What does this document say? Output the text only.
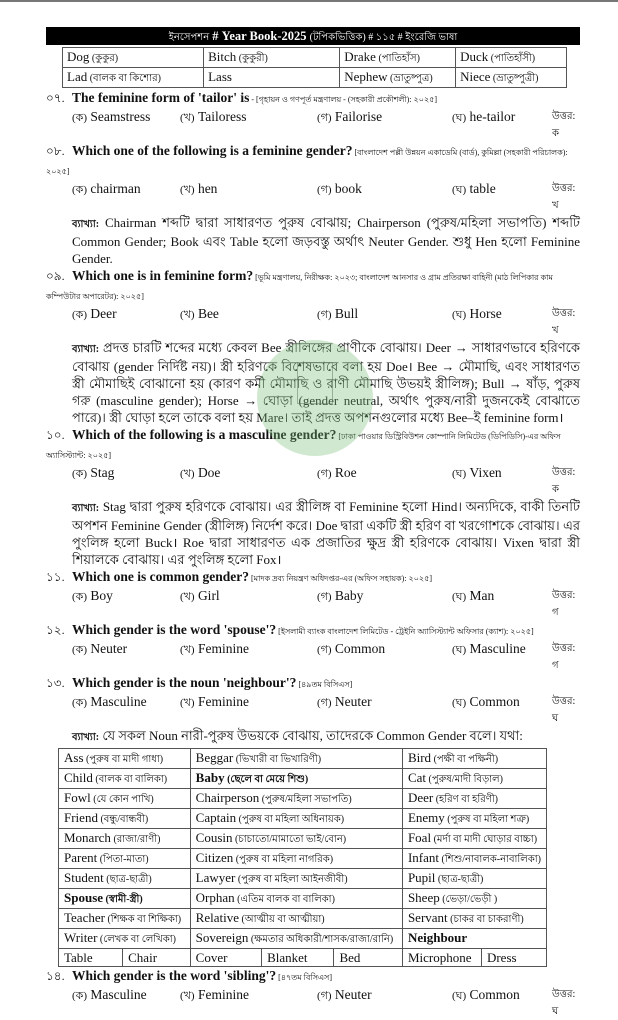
ইনসেপশন # Year Book-2025 (টপিকভিত্তিক) # ১১৫ # ইংরেজি ভাষা
Dog (কুকুর)	Bitch (কুকুরী)	Drake (পাতিহাঁস)	Duck (পাতিহাঁসী)
Lad (বালক বা কিশোর)	Lass	Nephew (ভ্রাতুষ্পুত্র)	Niece (ভ্রাতুষ্পুত্রী)
০৭. The feminine form of 'tailor' is - [গৃহায়ন ও গণপূর্ত মন্ত্রণালয় - (সহকারী প্রকৌশলী): ২০২৫]
(ক) Seamstress	(খ) Tailoress	(গ) Failorise	(ঘ) he-tailor	উত্তর: ক
০৮. Which one of the following is a feminine gender? [বাংলাদেশ পল্লী উন্নয়ন একাডেমি (বার্ড), কুমিল্লা (সহকারী পরিচালক): ২০২৫]
(ক) chairman	(খ) hen	(গ) book	(ঘ) table	উত্তর: খ
ব্যাখ্যা: Chairman শব্দটি দ্বারা সাধারণত পুরুষ বোঝায়; Chairperson (পুরুষ/মহিলা সভাপতি) শব্দটি Common Gender; Book এবং Table হলো জড়বস্তু অর্থাৎ Neuter Gender. শুধু Hen হলো Feminine Gender.
০৯. Which one is in feminine form? [ভূমি মন্ত্রণালয়, নিরীক্ষক: ২০২৩; বাংলাদেশ আনসার ও গ্রাম প্রতিরক্ষা বাহিনী (মাঠ লিপিকার কাম কম্পিউটার অপারেটর): ২০২৫]
(ক) Deer	(খ) Bee	(গ) Bull	(ঘ) Horse	উত্তর: খ
ব্যাখ্যা: প্রদত্ত চারটি শব্দের মধ্যে কেবল Bee স্ত্রীলিঙ্গের প্রাণীকে বোঝায়। Deer → সাধারণভাবে হরিণকে বোঝায় (gender নির্দিষ্ট নয়)। স্ত্রী হরিণকে বিশেষভাবে বলা হয় Doe। Bee → মৌমাছি, এবং সাধারণত স্ত্রী মৌমাছিই বোঝানো হয় (কারণ কর্মী মৌমাছি ও রাণী মৌমাছি উভয়ই স্ত্রীলিঙ্গ); Bull → ষাঁড়, পুরুষ গরু (masculine gender); Horse → ঘোড়া (gender neutral, অর্থাৎ পুরুষ/নারী দুজনকেই বোঝাতে পারে)। স্ত্রী ঘোড়া হলে তাকে বলা হয় Mare। তাই প্রদত্ত অপশনগুলোর মধ্যে Bee–ই feminine form।
১০. Which of the following is a masculine gender? [ঢাকা পাওয়ার ডিস্ট্রিবিউশন কোম্পানি লিমিটেড (ডিপিডিসি)-এর অফিস অ্যাসিস্ট্যান্ট: ২০২৫]
(ক) Stag	(খ) Doe	(গ) Roe	(ঘ) Vixen	উত্তর: ক
ব্যাখ্যা: Stag দ্বারা পুরুষ হরিণকে বোঝায়। এর স্ত্রীলিঙ্গ বা Feminine হলো Hind। অন্যদিকে, বাকী তিনটি অপশন Feminine Gender (স্ত্রীলিঙ্গ) নির্দেশ করে। Doe দ্বারা একটি স্ত্রী হরিণ বা খরগোশকে বোঝায়। এর পুংলিঙ্গ হলো Buck। Roe দ্বারা সাধারণত এক প্রজাতির ক্ষুদ্র স্ত্রী হরিণকে বোঝায়। Vixen দ্বারা স্ত্রী শিয়ালকে বোঝায়। এর পুংলিঙ্গ হলো Fox।
১১. Which one is common gender? [মাদক দ্রব্য নিয়ন্ত্রণ অধিদপ্তর-এর (অফিস সহায়ক): ২০২৫]
(ক) Boy	(খ) Girl	(গ) Baby	(ঘ) Man	উত্তর: গ
১২. Which gender is the word 'spouse'? [ইসলামী ব্যাংক বাংলাদেশ লিমিটেড - ট্রেইনি অ্যাসিস্ট্যান্ট অফিসার (ক্যাশ): ২০২৫]
(ক) Neuter	(খ) Feminine	(গ) Common	(ঘ) Masculine	উত্তর: গ
১৩. Which gender is the noun 'neighbour'? [৪৯তম বিসিএস]
(ক) Masculine	(খ) Feminine	(গ) Neuter	(ঘ) Common	উত্তর: ঘ
ব্যাখ্যা: যে সকল Noun নারী-পুরুষ উভয়কে বোঝায়, তাদেরকে Common Gender বলে। যথা:
Ass (পুরুষ বা মাদী গাধা)		Beggar (ভিখারী বা ভিখারিণী)			Bird (পক্ষী বা পক্ষিনী)	
Child (বালক বা বালিকা)		Baby (ছেলে বা মেয়ে শিশু)			Cat (পুরুষ/মাদী বিড়াল)	
Fowl (যে কোন পাখি)		Chairperson (পুরুষ/মহিলা সভাপতি)			Deer (হরিণ বা হরিণী)	
Friend (বন্ধু/বান্ধবী)		Captain (পুরুষ বা মহিলা অধিনায়ক)			Enemy (পুরুষ বা মহিলা শত্রু)	
Monarch (রাজা/রাণী)		Cousin (চাচাতো/মামাতো ভাই/বোন)			Foal (মর্দা বা মাদী ঘোড়ার বাচ্চা)	
Parent (পিতা-মাতা)		Citizen (পুরুষ বা মহিলা নাগরিক)			Infant (শিশু/নাবালক-নাবালিকা)	
Student (ছাত্র-ছাত্রী)		Lawyer (পুরুষ বা মহিলা আইনজীবী)			Pupil (ছাত্র-ছাত্রী)	
Spouse (স্বামী-স্ত্রী)		Orphan (এতিম বালক বা বালিকা)			Sheep (ভেড়া/ভেড়ী )	
Teacher (শিক্ষক বা শিক্ষিকা)		Relative (আত্মীয় বা আত্মীয়া)			Servant (চাকর বা চাকরাণী)	
Writer (লেখক বা লেখিকা)		Sovereign (ক্ষমতার অধিকারী/শাসক/রাজা/রানি)			Neighbour	
Table	Chair	Cover	Blanket	Bed	Microphone	Dress
১৪. Which gender is the word 'sibling'? [৪৭তম বিসিএস]
(ক) Masculine	(খ) Feminine	(গ) Neuter	(ঘ) Common	উত্তর: ঘ
